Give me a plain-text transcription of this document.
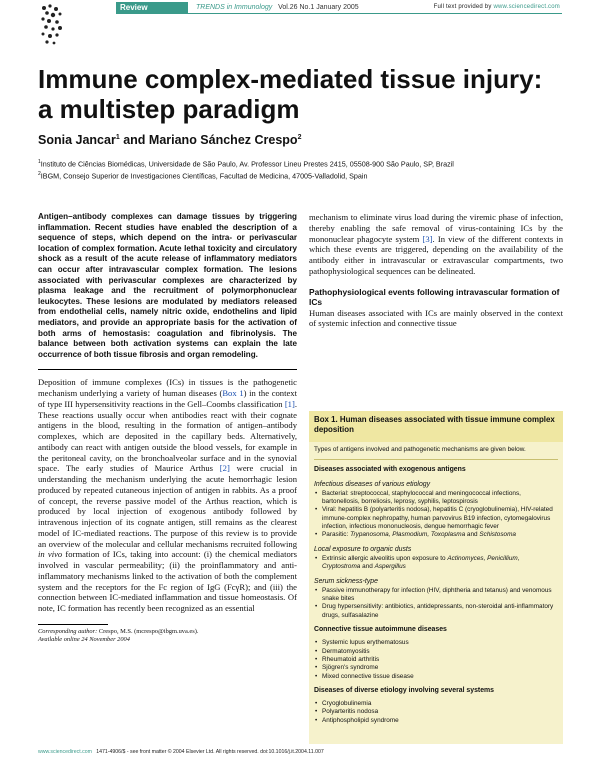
Review	TRENDS in Immunology Vol.26 No.1 January 2005	Full text provided by www.sciencedirect.com
Immune complex-mediated tissue injury: a multistep paradigm
Sonia Jancar$^1$ and Mariano Sánchez Crespo$^2$
$^1$Instituto de Ciências Biomédicas, Universidade de São Paulo, Av. Professor Lineu Prestes 2415, 05508-900 São Paulo, SP, Brazil
$^2$IBGM, Consejo Superior de Investigaciones Científicas, Facultad de Medicina, 47005-Valladolid, Spain

Antigen–antibody complexes can damage tissues by triggering inflammation. Recent studies have enabled the description of a sequence of steps, which depend on the intra- or perivascular location of complex formation. Acute lethal toxicity and circulatory shock as a result of the acute release of inflammatory mediators can occur after intravascular complex formation. The lesions associated with perivascular complexes are characterized by plasma leakage and the recruitment of polymorphonuclear leukocytes. These lesions are modulated by mediators released from endothelial cells, namely nitric oxide, endothelins and lipid mediators, and provide an appropriate basis for the activation of both arms of hemostasis: coagulation and fibrinolysis. The balance between both activation systems can explain the late occurrence of both tissue fibrosis and organ remodeling.

Deposition of immune complexes (ICs) in tissues is the pathogenetic mechanism underlying a variety of human diseases (Box 1) in the context of type III hypersensitivity reactions in the Gell–Coombs classification [1]. These reactions usually occur when antibodies react with their cognate antigens in the blood, resulting in the formation of antigen–antibody complexes, which are deposited in the capillary beds. Alternatively, antibody can react with antigen outside the blood vessels, for example in the peritoneal cavity, on the bronchoalveolar surface and in the synovial space. The early studies of Maurice Arthus [2] were crucial in understanding the mechanism underlying the acute hemorrhagic lesion produced by repeated cutaneous injection of antigen in rabbits. As a proof of concept, the reverse passive model of the Arthus reaction, which is produced by local injection of exogenous antibody followed by intravenous injection of its cognate antigen, still remains as the clearest model of IC-mediated reactions. The purpose of this review is to provide an overview of the molecular and cellular mechanisms recruited following in vivo formation of ICs, taking into account: (i) the chemical mediators involved in vascular permeability; (ii) the proinflammatory and anti-inflammatory mechanisms linked to the activation of both the complement system and the receptors for the Fc region of IgG (FcγR); and (iii) the connection between IC-mediated inflammation and tissue homeostasis. Of note, IC formation has recently been recognized as an essential

Corresponding author: Crespo, M.S. (mcrespo@ibgm.uva.es).

Available online 24 November 2004

mechanism to eliminate virus load during the viremic phase of infection, thereby enabling the safe removal of virus-containing ICs by the mononuclear phagocyte system [3]. In view of the different contexts in which these events are triggered, depending on the availability of the antibody either in intravascular or extravascular compartments, two pathophysiological sequences can be delineated.

Pathophysiological events following intravascular formation of ICs

Human diseases associated with ICs are mainly observed in the context of systemic infection and connective tissue

Box 1. Human diseases associated with tissue immune complex deposition

Types of antigens involved and pathogenetic mechanisms are given below.

Diseases associated with exogenous antigens

Infectious diseases of various etiology

• Bacterial: streptococcal, staphylococcal and meningococcal infections, bartonellosis, borreliosis, leprosy, syphilis, leptospirosis
• Viral: hepatitis B (polyarteritis nodosa), hepatitis C (cryoglobulinemia), HIV-related immune-complex nephropathy, human parvovirus B19 infection, cytomegalovirus infection, infectious mononucleosis, dengue hemorrhagic fever
• Parasitic: Trypanosoma, Plasmodium, Toxoplasma and Schistosoma

Local exposure to organic dusts

• Extrinsic allergic alveolitis upon exposure to Actinomyces, Penicillium, Cryptostroma and Aspergillus

Serum sickness-type

• Passive immunotherapy for infection (HIV, diphtheria and tetanus) and venomous snake bites
• Drug hypersensitivity: antibiotics, antidepressants, non-steroidal anti-inflammatory drugs, sulfasalazine

Connective tissue autoimmune diseases

• Systemic lupus erythematosus
• Dermatomyositis
• Rheumatoid arthritis
• Sjögren's syndrome
• Mixed connective tissue disease

Diseases of diverse etiology involving several systems

• Cryoglobulinemia
• Polyarteritis nodosa
• Antiphospholipid syndrome
www.sciencedirect.com 1471-4906/$ - see front matter © 2004 Elsevier Ltd. All rights reserved. doi:10.1016/j.it.2004.11.007
